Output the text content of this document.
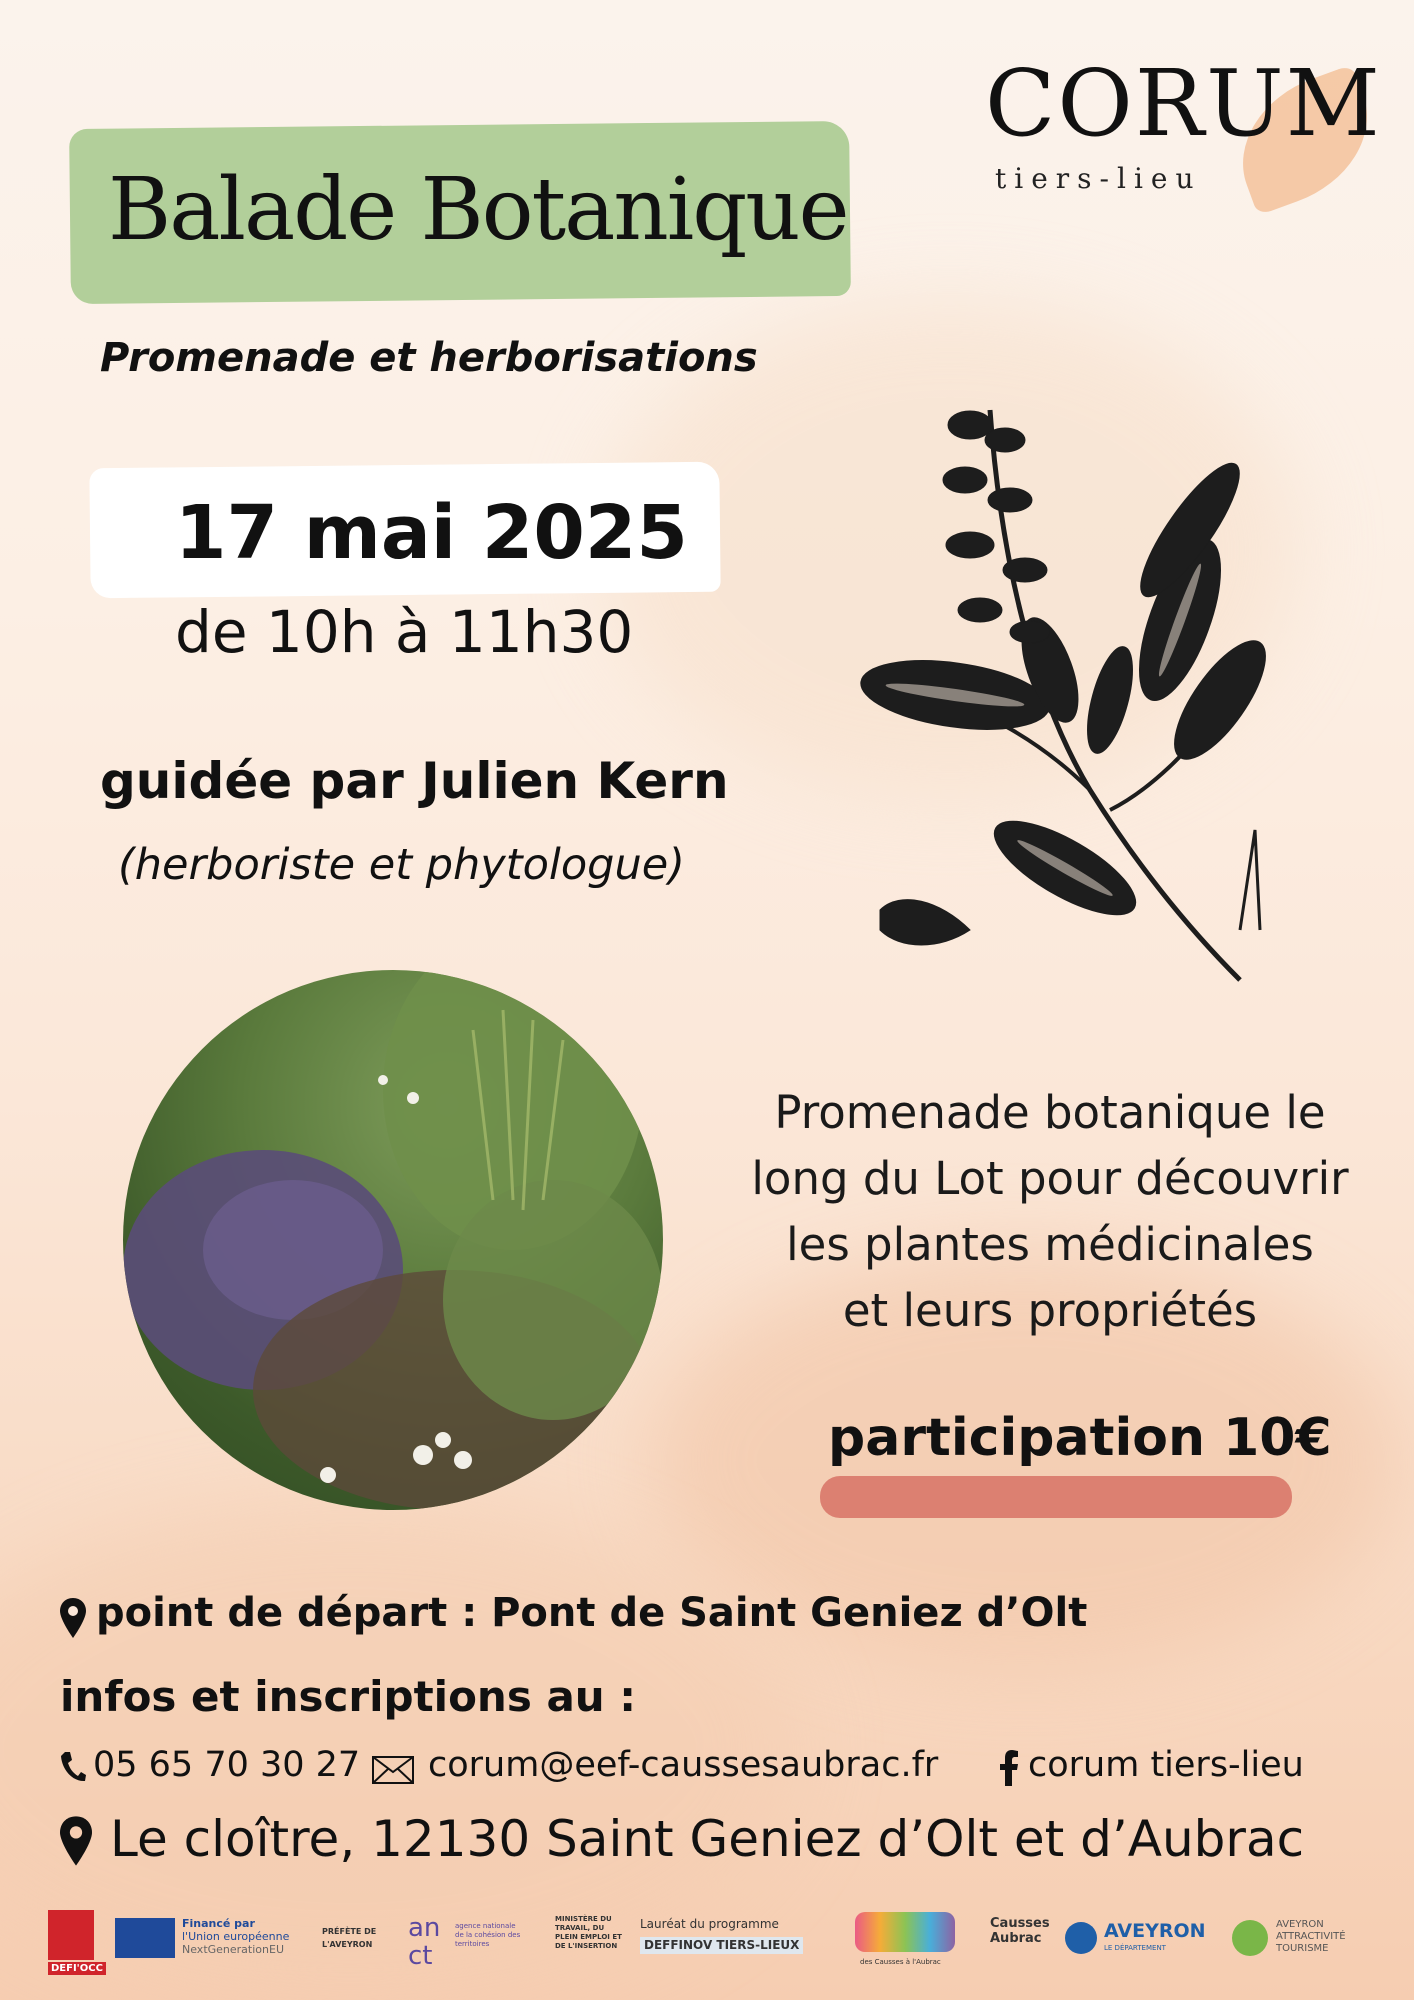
CORUM
tiers-lieu
Balade Botanique
Promenade et herborisations
17 mai 2025
de 10h à 11h30
guidée par Julien Kern
(herboriste et phytologue)
Promenade botanique le
long du Lot pour découvrir
les plantes médicinales
et leurs propriétés
participation 10€
point de départ : Pont de Saint Geniez d’Olt
infos et inscriptions au :
05 65 70 30 27 corum@eef-caussesaubrac.fr	corum tiers-lieu
Le cloître, 12130 Saint Geniez d’Olt et d’Aubrac
DEFI'OCC
Financé par
l'Union européenne
NextGenerationEU
PRÉFÈTE DE L'AVEYRON
an ct
agence nationale de la cohésion des territoires
MINISTÈRE DU TRAVAIL, DU PLEIN EMPLOI ET DE L'INSERTION
Lauréat du programme
DEFFINOV TIERS-LIEUX
des Causses à l'Aubrac
Causses Aubrac	AVEYRON
LE DÉPARTEMENT
AVEYRON
ATTRACTIVITÉ
TOURISME
